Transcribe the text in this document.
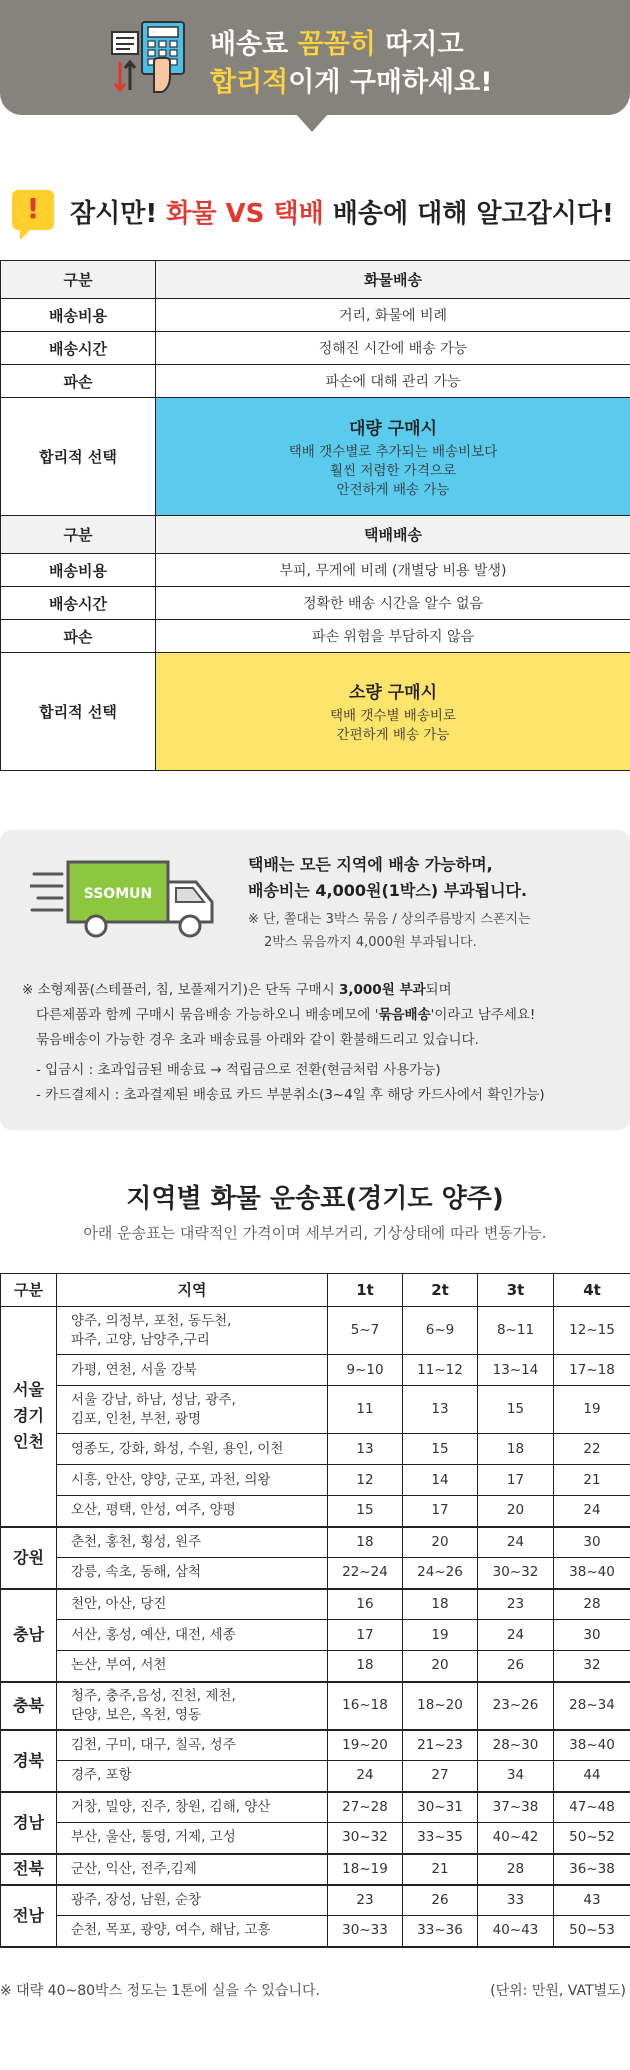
배송료 꼼꼼히 따지고
합리적이게 구매하세요!
!	잠시만! 화물 VS 택배 배송에 대해 알고갑시다!
구분	화물배송
배송비용	거리, 화물에 비례
배송시간	정해진 시간에 배송 가능
파손	파손에 대해 관리 가능
합리적 선택	대량 구매시
택배 갯수별로 추가되는 배송비보다
훨씬 저렴한 가격으로
안전하게 배송 가능

구분	택배배송
배송비용	부피, 무게에 비례 (개별당 비용 발생)
배송시간	정확한 배송 시간을 알수 없음
파손	파손 위험을 부담하지 않음
합리적 선택	소량 구매시
택배 갯수별 배송비로
간편하게 배송 가능
SSOMUN
택배는 모든 지역에 배송 가능하며,
배송비는 4,000원(1박스) 부과됩니다.
※ 단, 쫄대는 3박스 묶음 / 상의주름방지 스폰지는
2박스 묶음까지 4,000원 부과됩니다.
※ 소형제품(스테플러, 침, 보풀제거기)은 단독 구매시 3,000원 부과되며
다른제품과 함께 구매시 묶음배송 가능하오니 배송메모에 '묶음배송'이라고 남주세요!
묶음배송이 가능한 경우 초과 배송료를 아래와 같이 환불해드리고 있습니다.
- 입금시 : 초과입금된 배송료 → 적립금으로 전환(현금처럼 사용가능)
- 카드결제시 : 초과결제된 배송료 카드 부분취소(3~4일 후 해당 카드사에서 확인가능)
지역별 화물 운송표(경기도 양주)
아래 운송표는 대략적인 가격이며 세부거리, 기상상태에 따라 변동가능.
구분	지역	1t	2t	3t	4t
서울
경기
인천	양주, 의정부, 포천, 동두천,
파주, 고양, 남양주,구리	5~7	6~9	8~11	12~15
	가평, 연천, 서울 강북	9~10	11~12	13~14	17~18
	서울 강남, 하남, 성남, 광주,
김포, 인천, 부천, 광명	11	13	15	19
	영종도, 강화, 화성, 수원, 용인, 이천	13	15	18	22
	시흥, 안산, 양양, 군포, 과천, 의왕	12	14	17	21
	오산, 평택, 안성, 여주, 양평	15	17	20	24
강원	춘천, 홍천, 횡성, 원주	18	20	24	30
	강릉, 속초, 동해, 삼척	22~24	24~26	30~32	38~40
충남	천안, 아산, 당진	16	18	23	28
	서산, 홍성, 예산, 대전, 세종	17	19	24	30
	논산, 부여, 서천	18	20	26	32
충북	청주, 충주,음성, 진천, 제천,
단양, 보은, 옥천, 영동	16~18	18~20	23~26	28~34
경북	김천, 구미, 대구, 칠곡, 성주	19~20	21~23	28~30	38~40
	경주, 포항	24	27	34	44
경남	거창, 밀양, 진주, 창원, 김해, 양산	27~28	30~31	37~38	47~48
	부산, 울산, 통영, 거제, 고성	30~32	33~35	40~42	50~52
전북	군산, 익산, 전주,김제	18~19	21	28	36~38
전남	광주, 장성, 남원, 순창	23	26	33	43
	순천, 목포, 광양, 여수, 해남, 고흥	30~33	33~36	40~43	50~53
※ 대략 40~80박스 정도는 1톤에 실을 수 있습니다.	(단위: 만원, VAT별도)
